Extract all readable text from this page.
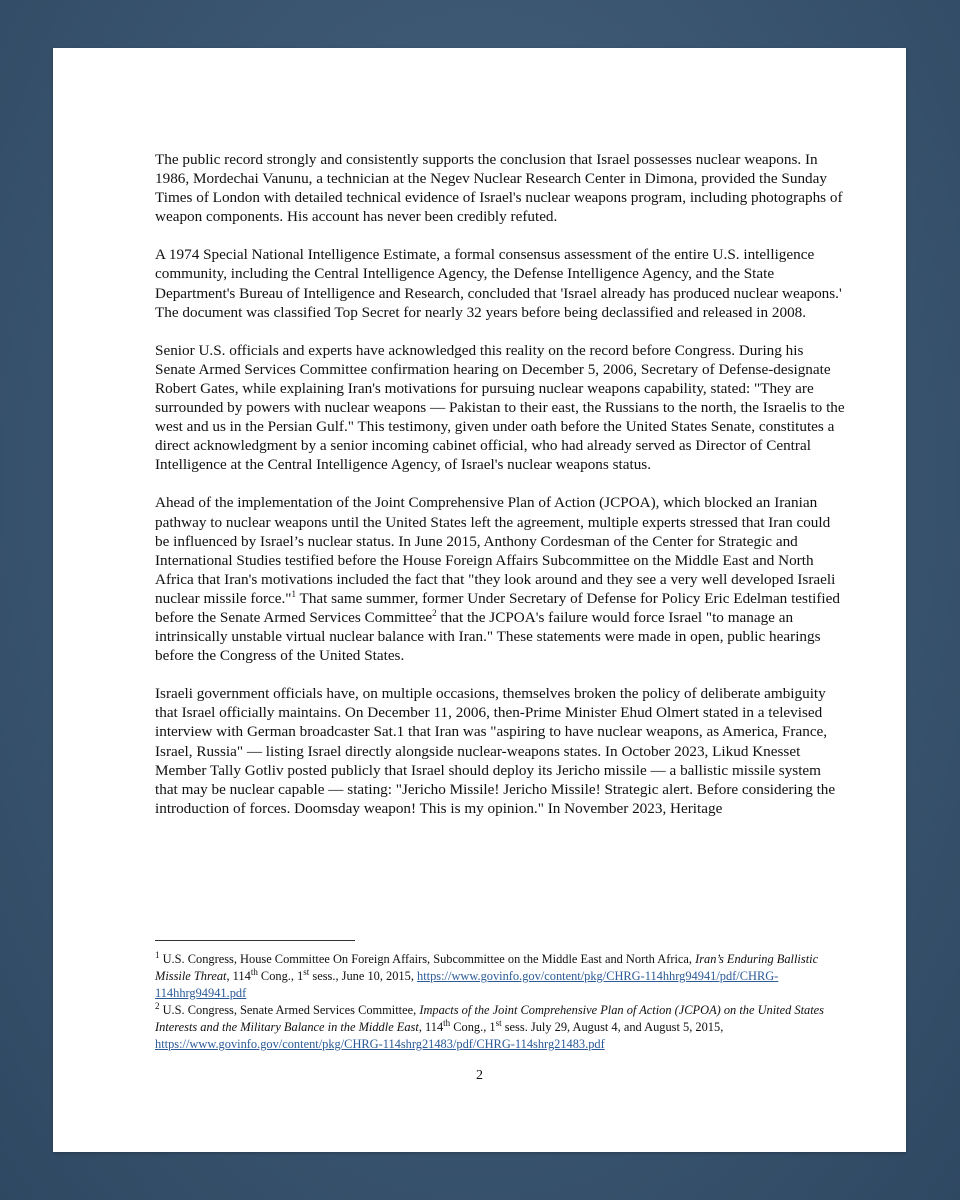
The public record strongly and consistently supports the conclusion that Israel possesses nuclear weapons. In 1986, Mordechai Vanunu, a technician at the Negev Nuclear Research Center in Dimona, provided the Sunday Times of London with detailed technical evidence of Israel's nuclear weapons program, including photographs of weapon components. His account has never been credibly refuted.

A 1974 Special National Intelligence Estimate, a formal consensus assessment of the entire U.S. intelligence community, including the Central Intelligence Agency, the Defense Intelligence Agency, and the State Department's Bureau of Intelligence and Research, concluded that 'Israel already has produced nuclear weapons.' The document was classified Top Secret for nearly 32 years before being declassified and released in 2008.

Senior U.S. officials and experts have acknowledged this reality on the record before Congress. During his Senate Armed Services Committee confirmation hearing on December 5, 2006, Secretary of Defense-designate Robert Gates, while explaining Iran's motivations for pursuing nuclear weapons capability, stated: "They are surrounded by powers with nuclear weapons — Pakistan to their east, the Russians to the north, the Israelis to the west and us in the Persian Gulf." This testimony, given under oath before the United States Senate, constitutes a direct acknowledgment by a senior incoming cabinet official, who had already served as Director of Central Intelligence at the Central Intelligence Agency, of Israel's nuclear weapons status.

Ahead of the implementation of the Joint Comprehensive Plan of Action (JCPOA), which blocked an Iranian pathway to nuclear weapons until the United States left the agreement, multiple experts stressed that Iran could be influenced by Israel’s nuclear status. In June 2015, Anthony Cordesman of the Center for Strategic and International Studies testified before the House Foreign Affairs Subcommittee on the Middle East and North Africa that Iran's motivations included the fact that "they look around and they see a very well developed Israeli nuclear missile force."$^1$ That same summer, former Under Secretary of Defense for Policy Eric Edelman testified before the Senate Armed Services Committee$^2$ that the JCPOA's failure would force Israel "to manage an intrinsically unstable virtual nuclear balance with Iran." These statements were made in open, public hearings before the Congress of the United States.

Israeli government officials have, on multiple occasions, themselves broken the policy of deliberate ambiguity that Israel officially maintains. On December 11, 2006, then-Prime Minister Ehud Olmert stated in a televised interview with German broadcaster Sat.1 that Iran was "aspiring to have nuclear weapons, as America, France, Israel, Russia" — listing Israel directly alongside nuclear-weapons states. In October 2023, Likud Knesset Member Tally Gotliv posted publicly that Israel should deploy its Jericho missile — a ballistic missile system that may be nuclear capable — stating: "Jericho Missile! Jericho Missile! Strategic alert. Before considering the introduction of forces. Doomsday weapon! This is my opinion." In November 2023, Heritage

$^1$ U.S. Congress, House Committee On Foreign Affairs, Subcommittee on the Middle East and North Africa, Iran’s Enduring Ballistic Missile Threat, 114th Cong., 1st sess., June 10, 2015, https://www.govinfo.gov/content/pkg/CHRG-114hhrg94941/pdf/CHRG-114hhrg94941.pdf

$^2$ U.S. Congress, Senate Armed Services Committee, Impacts of the Joint Comprehensive Plan of Action (JCPOA) on the United States Interests and the Military Balance in the Middle East, 114th Cong., 1st sess. July 29, August 4, and August 5, 2015, https://www.govinfo.gov/content/pkg/CHRG-114shrg21483/pdf/CHRG-114shrg21483.pdf

2
